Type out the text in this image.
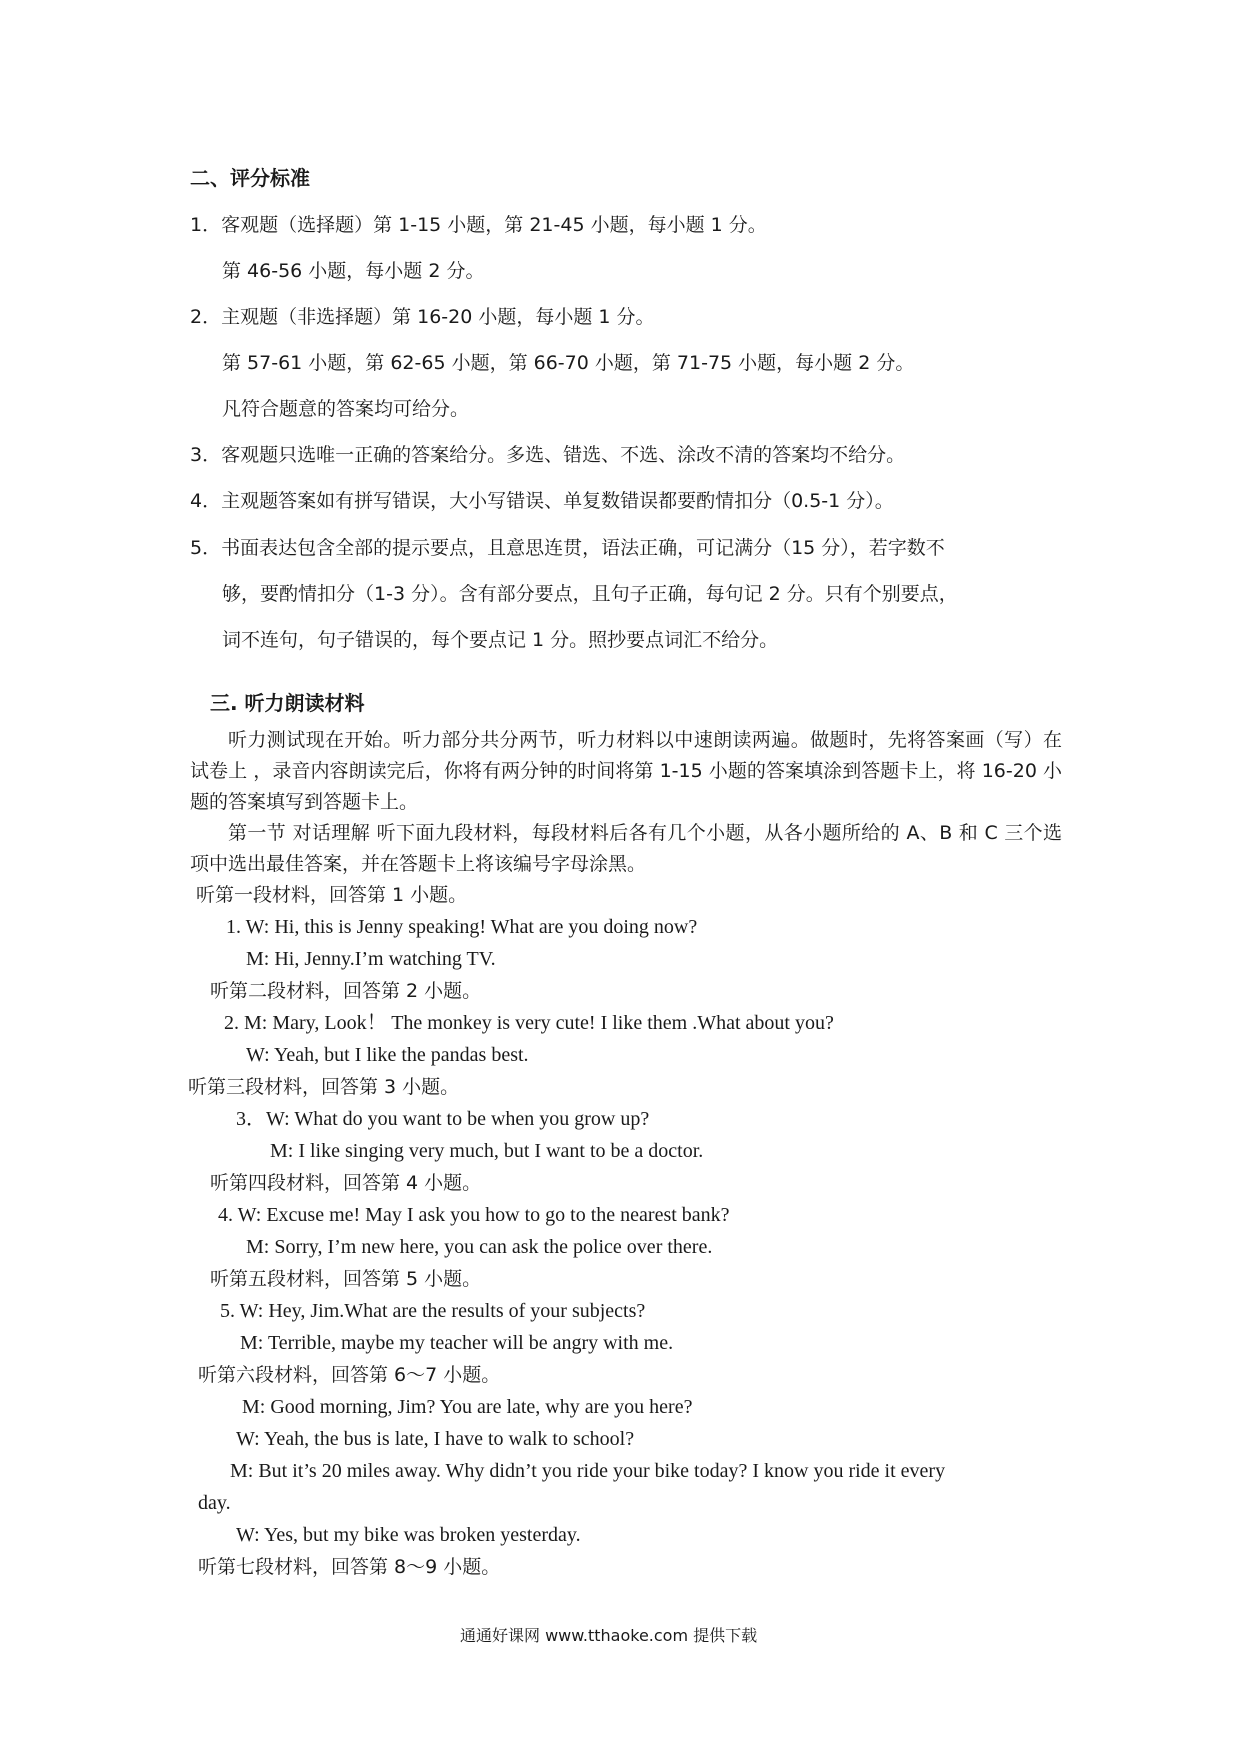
二、评分标准
1．客观题（选择题）第 1-15 小题，第 21-45 小题，每小题 1 分。
第 46-56 小题，每小题 2 分。
2．主观题（非选择题）第 16-20 小题，每小题 1 分。
第 57-61 小题，第 62-65 小题，第 66-70 小题，第 71-75 小题，每小题 2 分。
凡符合题意的答案均可给分。
3．客观题只选唯一正确的答案给分。多选、错选、不选、涂改不清的答案均不给分。
4．主观题答案如有拼写错误，大小写错误、单复数错误都要酌情扣分（0.5-1 分）。
5．书面表达包含全部的提示要点，且意思连贯，语法正确，可记满分（15 分），若字数不
够，要酌情扣分（1-3 分）。含有部分要点，且句子正确，每句记 2 分。只有个别要点，
词不连句，句子错误的，每个要点记 1 分。照抄要点词汇不给分。
三. 听力朗读材料
听力测试现在开始。听力部分共分两节，听力材料以中速朗读两遍。做题时，先将答案画（写）在试卷上 ，录音内容朗读完后，你将有两分钟的时间将第 1-15 小题的答案填涂到答题卡上，将 16-20 小题的答案填写到答题卡上。
第一节 对话理解 听下面九段材料，每段材料后各有几个小题，从各小题所给的 A、B 和 C 三个选项中选出最佳答案，并在答题卡上将该编号字母涂黑。
听第一段材料，回答第 1 小题。
1. W: Hi, this is Jenny speaking! What are you doing now?
M: Hi, Jenny.I’m watching TV.
听第二段材料，回答第 2 小题。
2. M: Mary, Look！ The monkey is very cute! I like them .What about you?
W: Yeah, but I like the pandas best.
听第三段材料，回答第 3 小题。
3．W: What do you want to be when you grow up?
M: I like singing very much, but I want to be a doctor.
听第四段材料，回答第 4 小题。
4. W: Excuse me! May I ask you how to go to the nearest bank?
M: Sorry, I’m new here, you can ask the police over there.
听第五段材料，回答第 5 小题。
5. W: Hey, Jim.What are the results of your subjects?
M: Terrible, maybe my teacher will be angry with me.
听第六段材料，回答第 6～7 小题。
M: Good morning, Jim? You are late, why are you here?
W: Yeah, the bus is late, I have to walk to school?
M: But it’s 20 miles away. Why didn’t you ride your bike today? I know you ride it every
day.
W: Yes, but my bike was broken yesterday.
听第七段材料，回答第 8～9 小题。
通通好课网 www.tthaoke.com 提供下载
